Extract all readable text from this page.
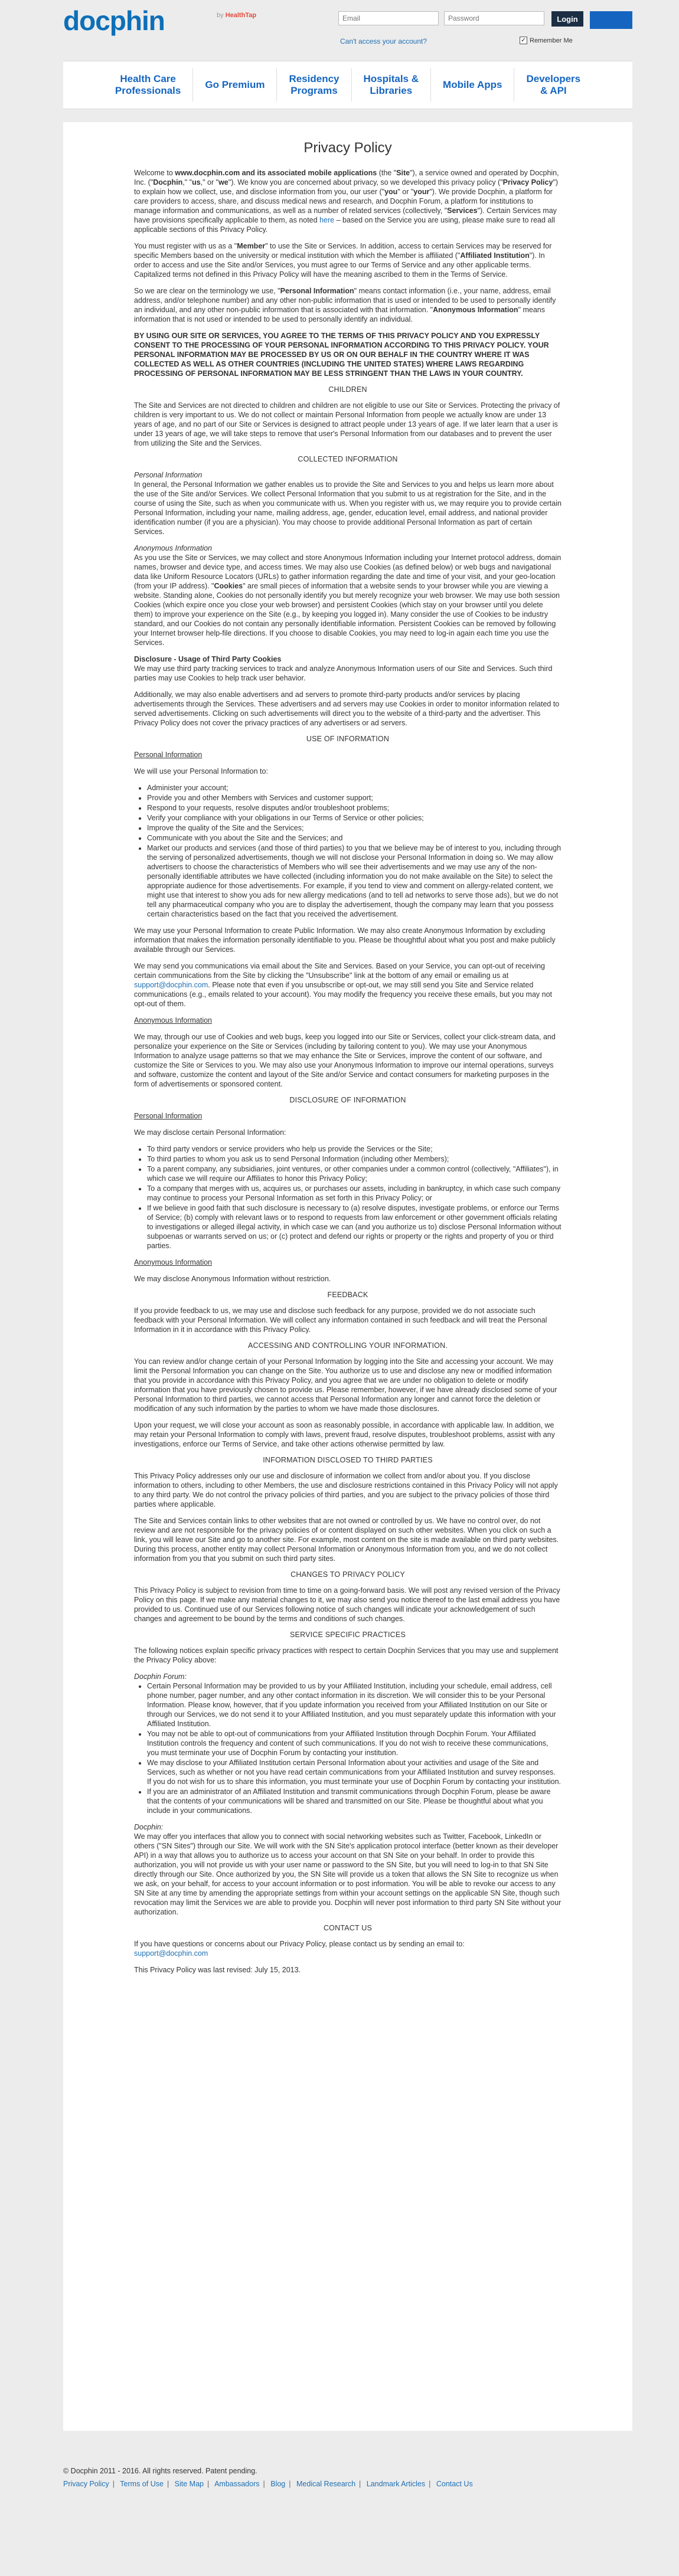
docphin	by HealthTap
Email	Login
Can't access your account?	✓ Remember Me
Health Care
Professionals
Go Premium
Residency
Programs
Hospitals &
Libraries
Mobile Apps
Developers
& API
Privacy Policy

Welcome to www.docphin.com and its associated mobile applications (the "Site"), a service owned and operated by Docphin, Inc. ("Docphin," "us," or "we"). We know you are concerned about privacy, so we developed this privacy policy ("Privacy Policy") to explain how we collect, use, and disclose information from you, our user ("you" or "your"). We provide Docphin, a platform for care providers to access, share, and discuss medical news and research, and Docphin Forum, a platform for institutions to manage information and communications, as well as a number of related services (collectively, "Services"). Certain Services may have provisions specifically applicable to them, as noted here – based on the Service you are using, please make sure to read all applicable sections of this Privacy Policy.

You must register with us as a "Member" to use the Site or Services. In addition, access to certain Services may be reserved for specific Members based on the university or medical institution with which the Member is affiliated ("Affiliated Institution"). In order to access and use the Site and/or Services, you must agree to our Terms of Service and any other applicable terms. Capitalized terms not defined in this Privacy Policy will have the meaning ascribed to them in the Terms of Service.

So we are clear on the terminology we use, "Personal Information" means contact information (i.e., your name, address, email address, and/or telephone number) and any other non-public information that is used or intended to be used to personally identify an individual, and any other non-public information that is associated with that information. "Anonymous Information" means information that is not used or intended to be used to personally identify an individual.

BY USING OUR SITE OR SERVICES, YOU AGREE TO THE TERMS OF THIS PRIVACY POLICY AND YOU EXPRESSLY CONSENT TO THE PROCESSING OF YOUR PERSONAL INFORMATION ACCORDING TO THIS PRIVACY POLICY. YOUR PERSONAL INFORMATION MAY BE PROCESSED BY US OR ON OUR BEHALF IN THE COUNTRY WHERE IT WAS COLLECTED AS WELL AS OTHER COUNTRIES (INCLUDING THE UNITED STATES) WHERE LAWS REGARDING PROCESSING OF PERSONAL INFORMATION MAY BE LESS STRINGENT THAN THE LAWS IN YOUR COUNTRY.

CHILDREN

The Site and Services are not directed to children and children are not eligible to use our Site or Services. Protecting the privacy of children is very important to us. We do not collect or maintain Personal Information from people we actually know are under 13 years of age, and no part of our Site or Services is designed to attract people under 13 years of age. If we later learn that a user is under 13 years of age, we will take steps to remove that user's Personal Information from our databases and to prevent the user from utilizing the Site and the Services.

COLLECTED INFORMATION

Personal Information

In general, the Personal Information we gather enables us to provide the Site and Services to you and helps us learn more about the use of the Site and/or Services. We collect Personal Information that you submit to us at registration for the Site, and in the course of using the Site, such as when you communicate with us. When you register with us, we may require you to provide certain Personal Information, including your name, mailing address, age, gender, education level, email address, and national provider identification number (if you are a physician). You may choose to provide additional Personal Information as part of certain Services.

Anonymous Information

As you use the Site or Services, we may collect and store Anonymous Information including your Internet protocol address, domain names, browser and device type, and access times. We may also use Cookies (as defined below) or web bugs and navigational data like Uniform Resource Locators (URLs) to gather information regarding the date and time of your visit, and your geo-location (from your IP address). "Cookies" are small pieces of information that a website sends to your browser while you are viewing a website. Standing alone, Cookies do not personally identify you but merely recognize your web browser. We may use both session Cookies (which expire once you close your web browser) and persistent Cookies (which stay on your browser until you delete them) to improve your experience on the Site (e.g., by keeping you logged in). Many consider the use of Cookies to be industry standard, and our Cookies do not contain any personally identifiable information. Persistent Cookies can be removed by following your Internet browser help-file directions. If you choose to disable Cookies, you may need to log-in again each time you use the Services.

Disclosure - Usage of Third Party Cookies

We may use third party tracking services to track and analyze Anonymous Information users of our Site and Services. Such third parties may use Cookies to help track user behavior.

Additionally, we may also enable advertisers and ad servers to promote third-party products and/or services by placing advertisements through the Services. These advertisers and ad servers may use Cookies in order to monitor information related to served advertisements. Clicking on such advertisements will direct you to the website of a third-party and the advertiser. This Privacy Policy does not cover the privacy practices of any advertisers or ad servers.

USE OF INFORMATION

Personal Information

We will use your Personal Information to:

• Administer your account;
• Provide you and other Members with Services and customer support;
• Respond to your requests, resolve disputes and/or troubleshoot problems;
• Verify your compliance with your obligations in our Terms of Service or other policies;
• Improve the quality of the Site and the Services;
• Communicate with you about the Site and the Services; and
• Market our products and services (and those of third parties) to you that we believe may be of interest to you, including through the serving of personalized advertisements, though we will not disclose your Personal Information in doing so. We may allow advertisers to choose the characteristics of Members who will see their advertisements and we may use any of the non-personally identifiable attributes we have collected (including information you do not make available on the Site) to select the appropriate audience for those advertisements. For example, if you tend to view and comment on allergy-related content, we might use that interest to show you ads for new allergy medications (and to tell ad networks to serve those ads), but we do not tell any pharmaceutical company who you are to display the advertisement, though the company may learn that you possess certain characteristics based on the fact that you received the advertisement.

We may use your Personal Information to create Public Information. We may also create Anonymous Information by excluding information that makes the information personally identifiable to you. Please be thoughtful about what you post and make publicly available through our Services.

We may send you communications via email about the Site and Services. Based on your Service, you can opt-out of receiving certain communications from the Site by clicking the "Unsubscribe" link at the bottom of any email or emailing us at support@docphin.com. Please note that even if you unsubscribe or opt-out, we may still send you Site and Service related communications (e.g., emails related to your account). You may modify the frequency you receive these emails, but you may not opt-out of them.

Anonymous Information

We may, through our use of Cookies and web bugs, keep you logged into our Site or Services, collect your click-stream data, and personalize your experience on the Site or Services (including by tailoring content to you). We may use your Anonymous Information to analyze usage patterns so that we may enhance the Site or Services, improve the content of our software, and customize the Site or Services to you. We may also use your Anonymous Information to improve our internal operations, surveys and software, customize the content and layout of the Site and/or Service and contact consumers for marketing purposes in the form of advertisements or sponsored content.

DISCLOSURE OF INFORMATION

Personal Information

We may disclose certain Personal Information:

• To third party vendors or service providers who help us provide the Services or the Site;
• To third parties to whom you ask us to send Personal Information (including other Members);
• To a parent company, any subsidiaries, joint ventures, or other companies under a common control (collectively, "Affiliates"), in which case we will require our Affiliates to honor this Privacy Policy;
• To a company that merges with us, acquires us, or purchases our assets, including in bankruptcy, in which case such company may continue to process your Personal Information as set forth in this Privacy Policy; or
• If we believe in good faith that such disclosure is necessary to (a) resolve disputes, investigate problems, or enforce our Terms of Service; (b) comply with relevant laws or to respond to requests from law enforcement or other government officials relating to investigations or alleged illegal activity, in which case we can (and you authorize us to) disclose Personal Information without subpoenas or warrants served on us; or (c) protect and defend our rights or property or the rights and property of you or third parties.

Anonymous Information

We may disclose Anonymous Information without restriction.

FEEDBACK

If you provide feedback to us, we may use and disclose such feedback for any purpose, provided we do not associate such feedback with your Personal Information. We will collect any information contained in such feedback and will treat the Personal Information in it in accordance with this Privacy Policy.

ACCESSING AND CONTROLLING YOUR INFORMATION.

You can review and/or change certain of your Personal Information by logging into the Site and accessing your account. We may limit the Personal Information you can change on the Site. You authorize us to use and disclose any new or modified information that you provide in accordance with this Privacy Policy, and you agree that we are under no obligation to delete or modify information that you have previously chosen to provide us. Please remember, however, if we have already disclosed some of your Personal Information to third parties, we cannot access that Personal Information any longer and cannot force the deletion or modification of any such information by the parties to whom we have made those disclosures.

Upon your request, we will close your account as soon as reasonably possible, in accordance with applicable law. In addition, we may retain your Personal Information to comply with laws, prevent fraud, resolve disputes, troubleshoot problems, assist with any investigations, enforce our Terms of Service, and take other actions otherwise permitted by law.

INFORMATION DISCLOSED TO THIRD PARTIES

This Privacy Policy addresses only our use and disclosure of information we collect from and/or about you. If you disclose information to others, including to other Members, the use and disclosure restrictions contained in this Privacy Policy will not apply to any third party. We do not control the privacy policies of third parties, and you are subject to the privacy policies of those third parties where applicable.

The Site and Services contain links to other websites that are not owned or controlled by us. We have no control over, do not review and are not responsible for the privacy policies of or content displayed on such other websites. When you click on such a link, you will leave our Site and go to another site. For example, most content on the site is made available on third party websites. During this process, another entity may collect Personal Information or Anonymous Information from you, and we do not collect information from you that you submit on such third party sites.

CHANGES TO PRIVACY POLICY

This Privacy Policy is subject to revision from time to time on a going-forward basis. We will post any revised version of the Privacy Policy on this page. If we make any material changes to it, we may also send you notice thereof to the last email address you have provided to us. Continued use of our Services following notice of such changes will indicate your acknowledgement of such changes and agreement to be bound by the terms and conditions of such changes.

SERVICE SPECIFIC PRACTICES

The following notices explain specific privacy practices with respect to certain Docphin Services that you may use and supplement the Privacy Policy above:

Docphin Forum:

• Certain Personal Information may be provided to us by your Affiliated Institution, including your schedule, email address, cell phone number, pager number, and any other contact information in its discretion. We will consider this to be your Personal Information. Please know, however, that if you update information you received from your Affiliated Institution on our Site or through our Services, we do not send it to your Affiliated Institution, and you must separately update this information with your Affiliated Institution.
• You may not be able to opt-out of communications from your Affiliated Institution through Docphin Forum. Your Affiliated Institution controls the frequency and content of such communications. If you do not wish to receive these communications, you must terminate your use of Docphin Forum by contacting your institution.
• We may disclose to your Affiliated Institution certain Personal Information about your activities and usage of the Site and Services, such as whether or not you have read certain communications from your Affiliated Institution and survey responses. If you do not wish for us to share this information, you must terminate your use of Docphin Forum by contacting your institution.
• If you are an administrator of an Affiliated Institution and transmit communications through Docphin Forum, please be aware that the contents of your communications will be shared and transmitted on our Site. Please be thoughtful about what you include in your communications.

Docphin:

We may offer you interfaces that allow you to connect with social networking websites such as Twitter, Facebook, LinkedIn or others ("SN Sites") through our Site. We will work with the SN Site's application protocol interface (better known as their developer API) in a way that allows you to authorize us to access your account on that SN Site on your behalf. In order to provide this authorization, you will not provide us with your user name or password to the SN Site, but you will need to log-in to that SN Site directly through our Site. Once authorized by you, the SN Site will provide us a token that allows the SN Site to recognize us when we ask, on your behalf, for access to your account information or to post information. You will be able to revoke our access to any SN Site at any time by amending the appropriate settings from within your account settings on the applicable SN Site, though such revocation may limit the Services we are able to provide you. Docphin will never post information to third party SN Site without your authorization.

CONTACT US

If you have questions or concerns about our Privacy Policy, please contact us by sending an email to:

support@docphin.com

This Privacy Policy was last revised: July 15, 2013.

© Docphin 2011 - 2016. All rights reserved. Patent pending.
Privacy Policy | Terms of Use | Site Map | Ambassadors | Blog | Medical Research | Landmark Articles | Contact Us
